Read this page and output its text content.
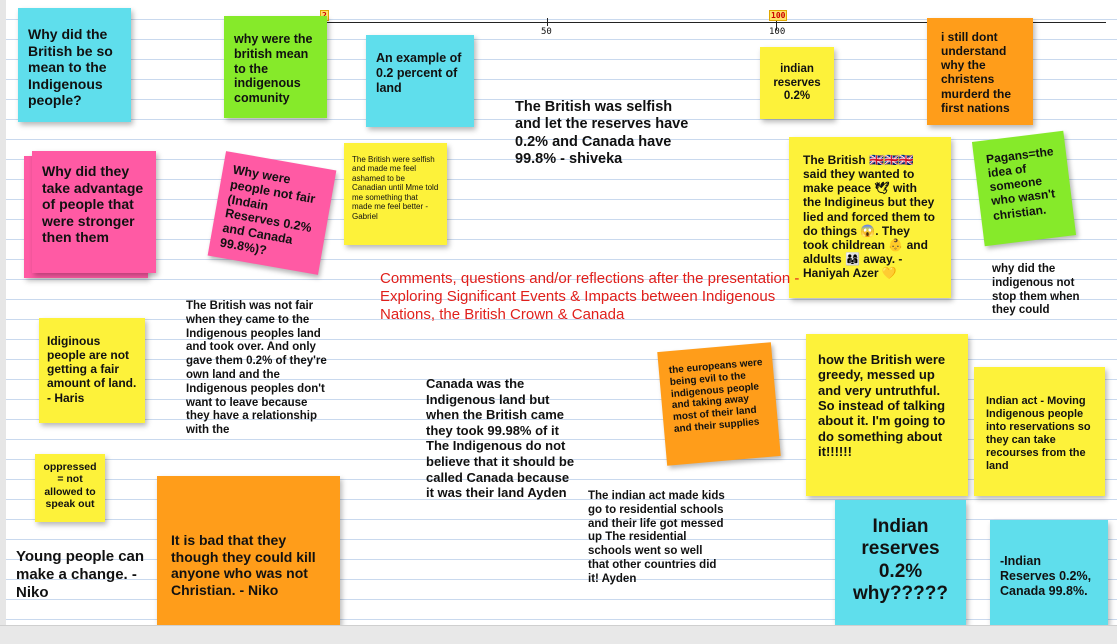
50
100
100
Why did the British be so mean to the Indigenous people?
why were the british mean to the indigenous comunity
An example of 0.2 percent of land
The British was selfish and let the reserves have 0.2% and Canada have 99.8% - shiveka
indian reserves 0.2%
i still dont understand why the christens murderd the first nations
Why did they take advantage of people that were stronger then them
Why were people not fair (Indain Reserves 0.2% and Canada 99.8%)?
The British were selfish and made me feel ashamed to be Canadian until Mme told me something that made me feel better -Gabriel
The British 🇬🇧🇬🇧🇬🇧 said they wanted to make peace 🕊 with the Indigineus but they lied and forced them to do things 😱. They took childrean 👶 and aldults 👨‍👩‍👧 away. -Haniyah Azer 💛
Pagans=the idea of someone who wasn't christian.
why did the indigenous not stop them when they could
Comments, questions and/or reflections after the presentation - Exploring Significant Events & Impacts between Indigenous Nations, the British Crown & Canada
Idiginous people are not getting a fair amount of land. - Haris
The British was not fair when they came to the Indigenous peoples land and took over. And only gave them 0.2% of they're own land and the Indigenous peoples don't want to leave because they have a relationship with the
the europeans were being evil to the indigenous people and taking away most of their land and their supplies
how the British were greedy, messed up and very untruthful. So instead of talking about it. I'm going to do something about it!!!!!!
Indian act - Moving Indigenous people into reservations so they can take recourses from the land
oppressed = not allowed to speak out
Canada was the Indigenous land but when the British came they took 99.98% of it The Indigenous do not believe that it should be called Canada because it was their land Ayden
It is bad that they though they could kill anyone who was not Christian. - Niko
Young people can make a change. - Niko
The indian act made kids go to residential schools and their life got messed up The residential schools went so well that other countries did it! Ayden
Indian reserves 0.2% why?????
-Indian Reserves 0.2%, Canada 99.8%.
